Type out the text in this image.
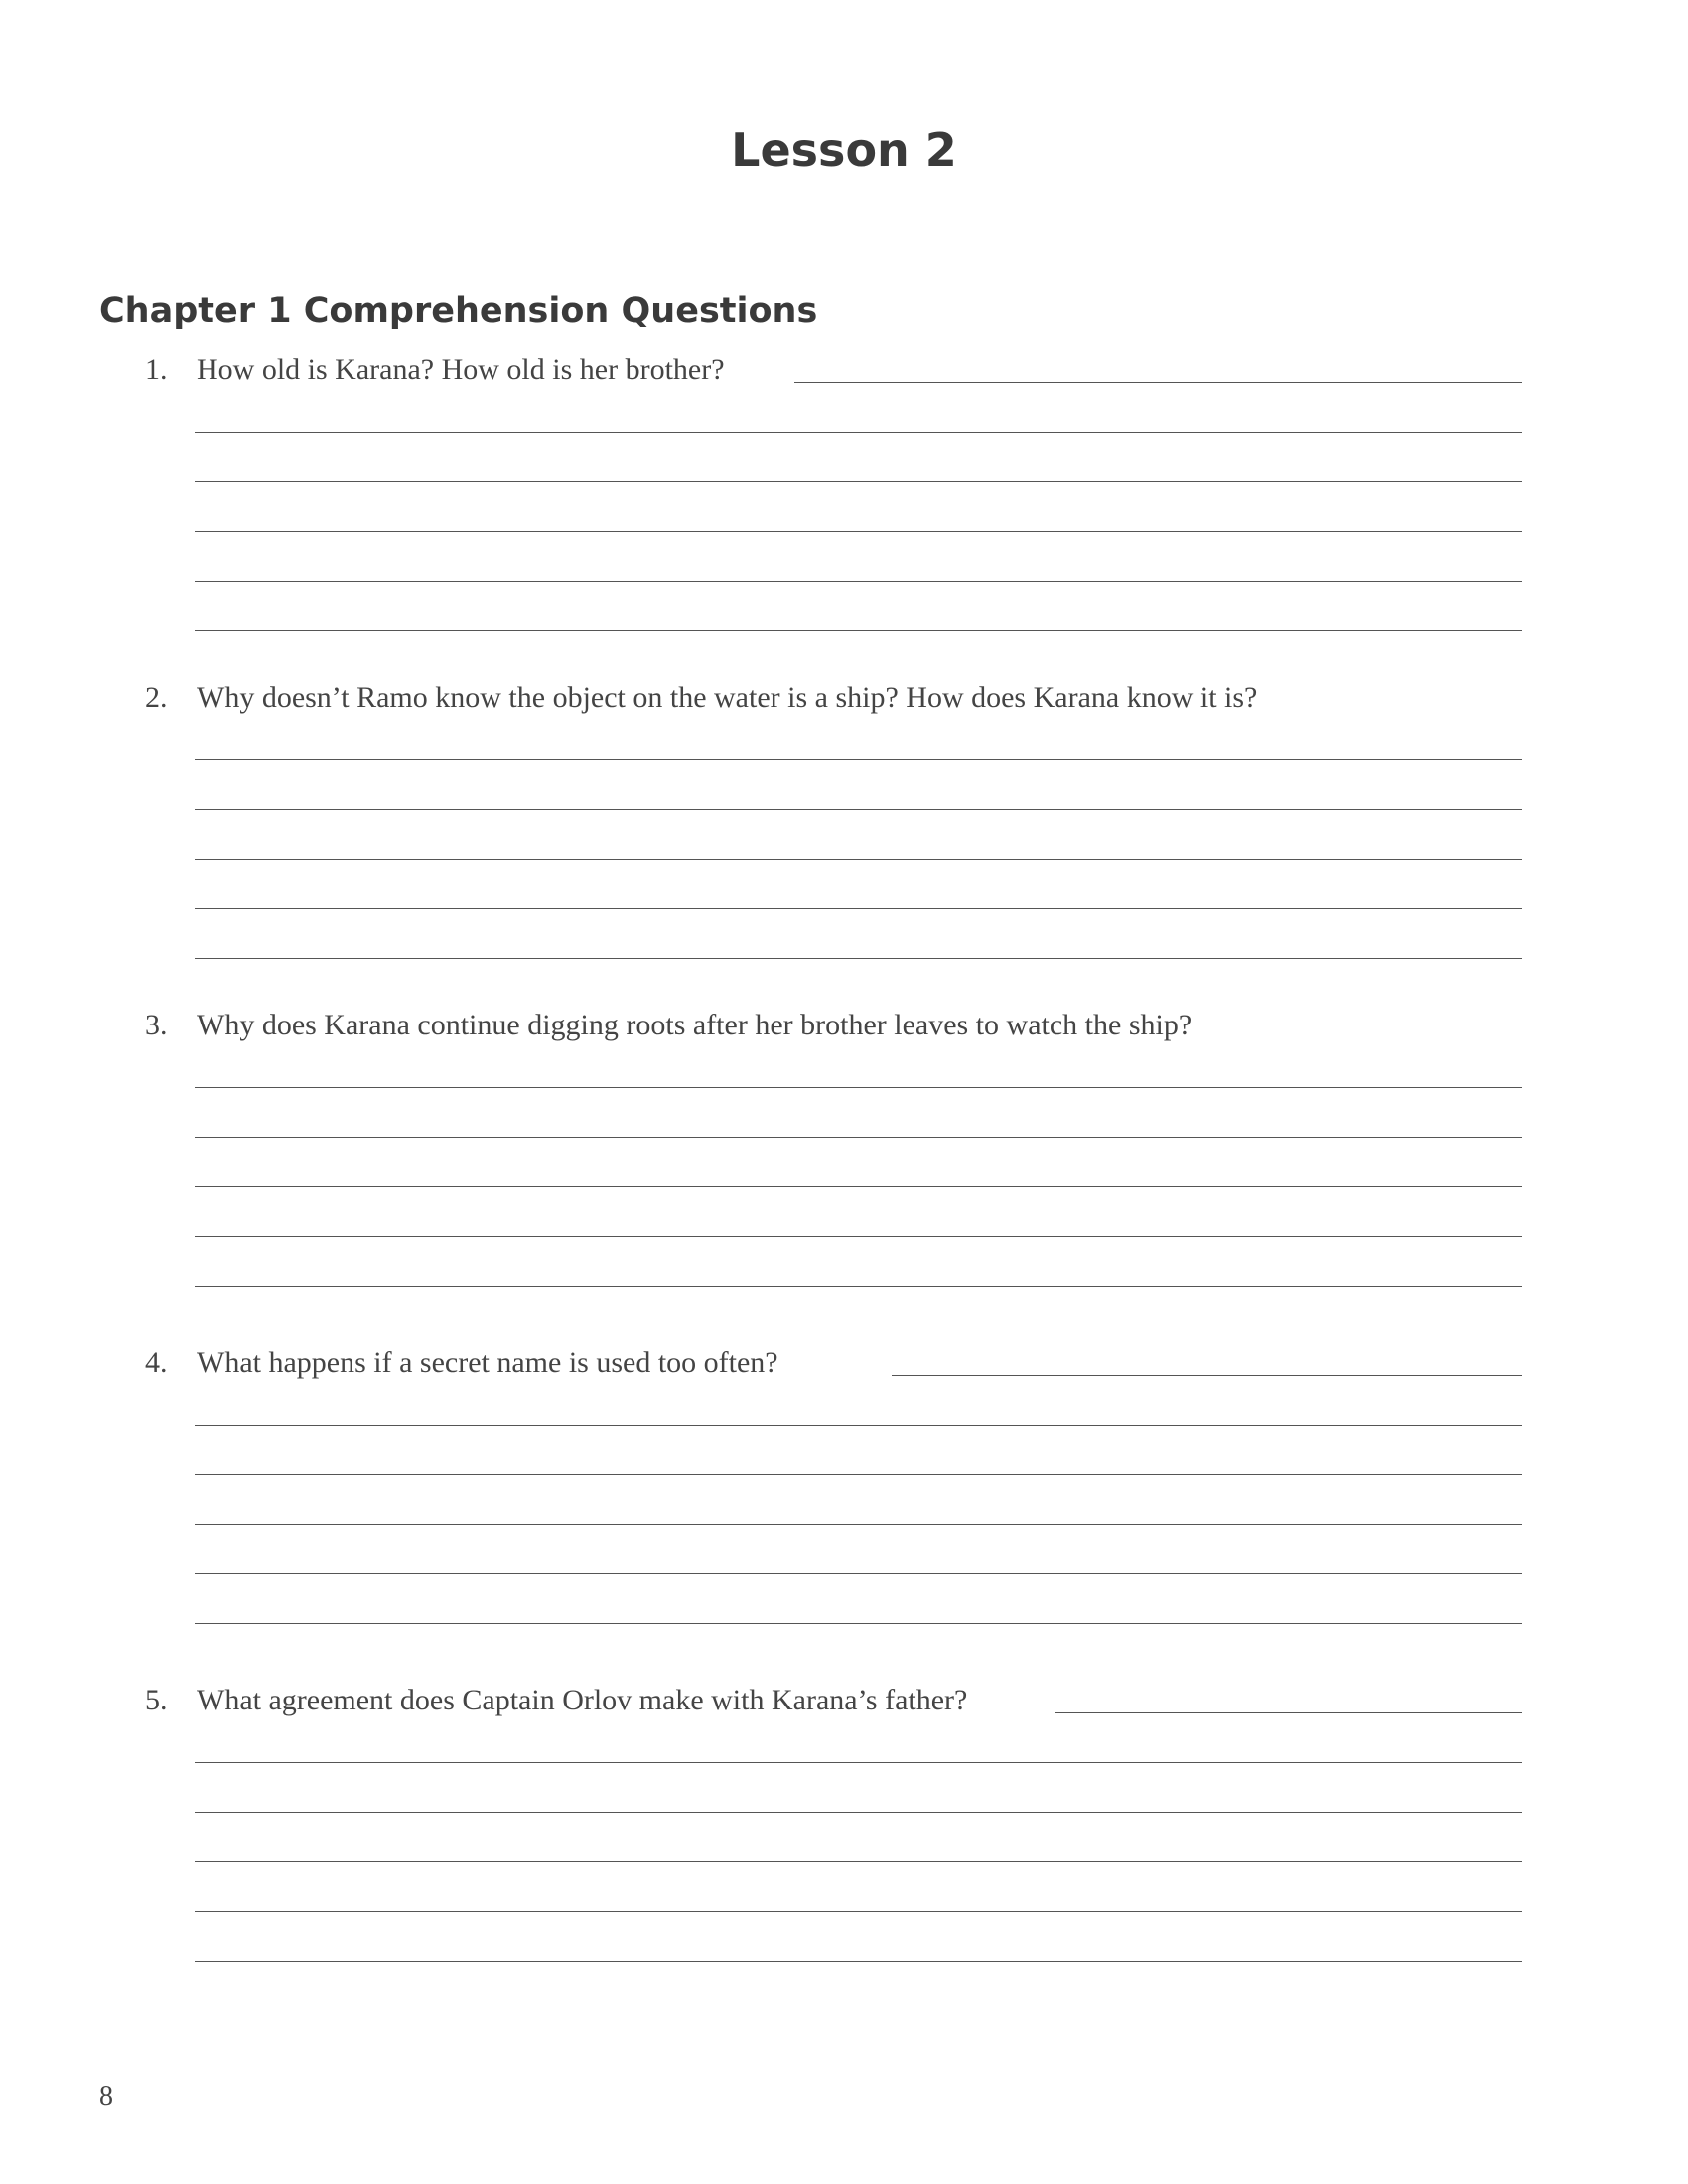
Lesson 2
Chapter 1 Comprehension Questions
1. How old is Karana? How old is her brother?
2. Why doesn’t Ramo know the object on the water is a ship? How does Karana know it is?
3. Why does Karana continue digging roots after her brother leaves to watch the ship?
4. What happens if a secret name is used too often?
5. What agreement does Captain Orlov make with Karana’s father?
8
